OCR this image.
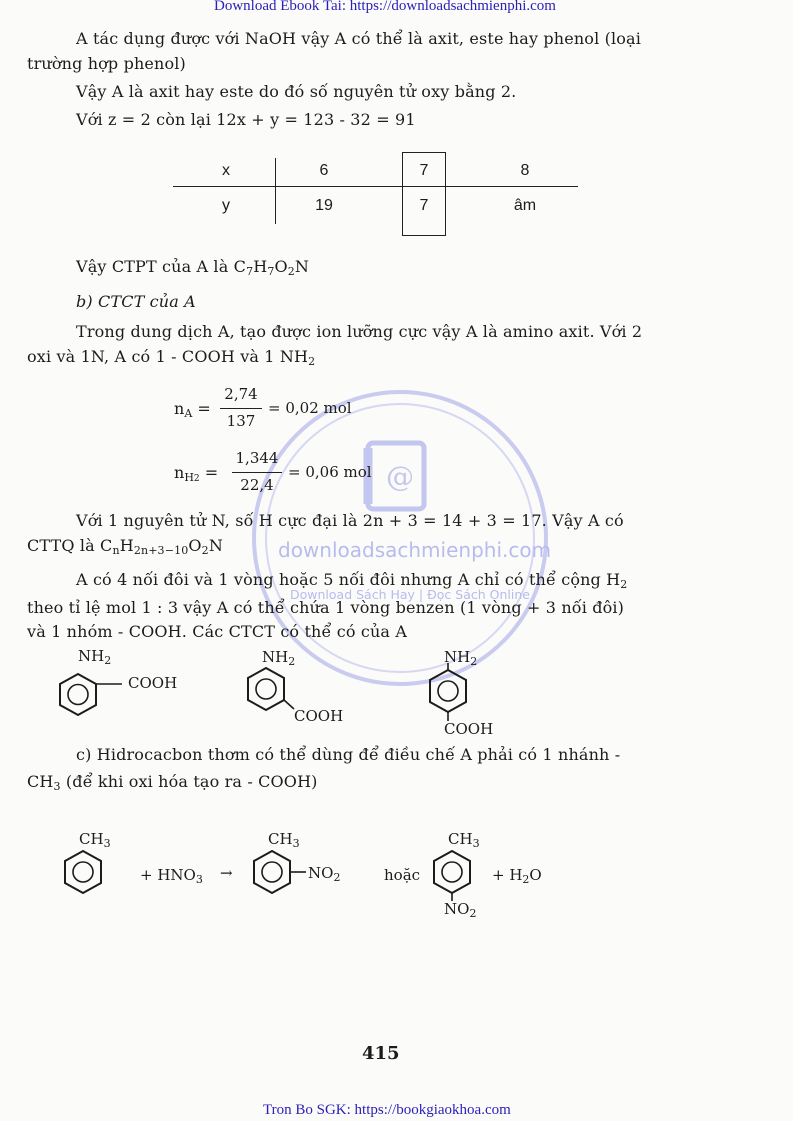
Download Ebook Tai: https://downloadsachmienphi.com
Tron Bo SGK: https://bookgiaokhoa.com
@
downloadsachmienphi.com
Download Sách Hay | Đọc Sách Online
A tác dụng được với NaOH vậy A có thể là axit, este hay phenol (loại
trường hợp phenol)
Vậy A là axit hay este do đó số nguyên tử oxy bằng 2.
Với z = 2 còn lại 12x + y = 123 - 32 = 91
x	6	7	8
y	19	7	âm
Vậy CTPT của A là $C_7H_7O_2N$
b) CTCT của A
Trong dung dịch A, tạo được ion lưỡng cực vậy A là amino axit. Với 2
oxi và 1N, A có 1 - COOH và 1 $NH_2$
$n_A$ =
2,74
137
= 0,02 mol
$n_{H2}$ =
1,344
22,4
= 0,06 mol
Với 1 nguyên tử N, số H cực đại là 2n + 3 = 14 + 3 = 17. Vậy A có
CTTQ là $C_nH_{2n+3-10}O_2N$
A có 4 nối đôi và 1 vòng hoặc 5 nối đôi nhưng A chỉ có thể cộng $H_2$
theo tỉ lệ mol 1 : 3 vậy A có thể chứa 1 vòng benzen (1 vòng + 3 nối đôi)
và 1 nhóm - COOH. Các CTCT có thể có của A
$NH_2$
COOH
$NH_2$
COOH
$NH_2$
COOH
c) Hidrocacbon thơm có thể dùng để điều chế A phải có 1 nhánh -
$CH_3$ (để khi oxi hóa tạo ra - COOH)
$CH_3$
+ $HNO_3$ →
$CH_3$
$NO_2$	hoặc
$CH_3$
$NO_2$
+ $H_2O$
415
